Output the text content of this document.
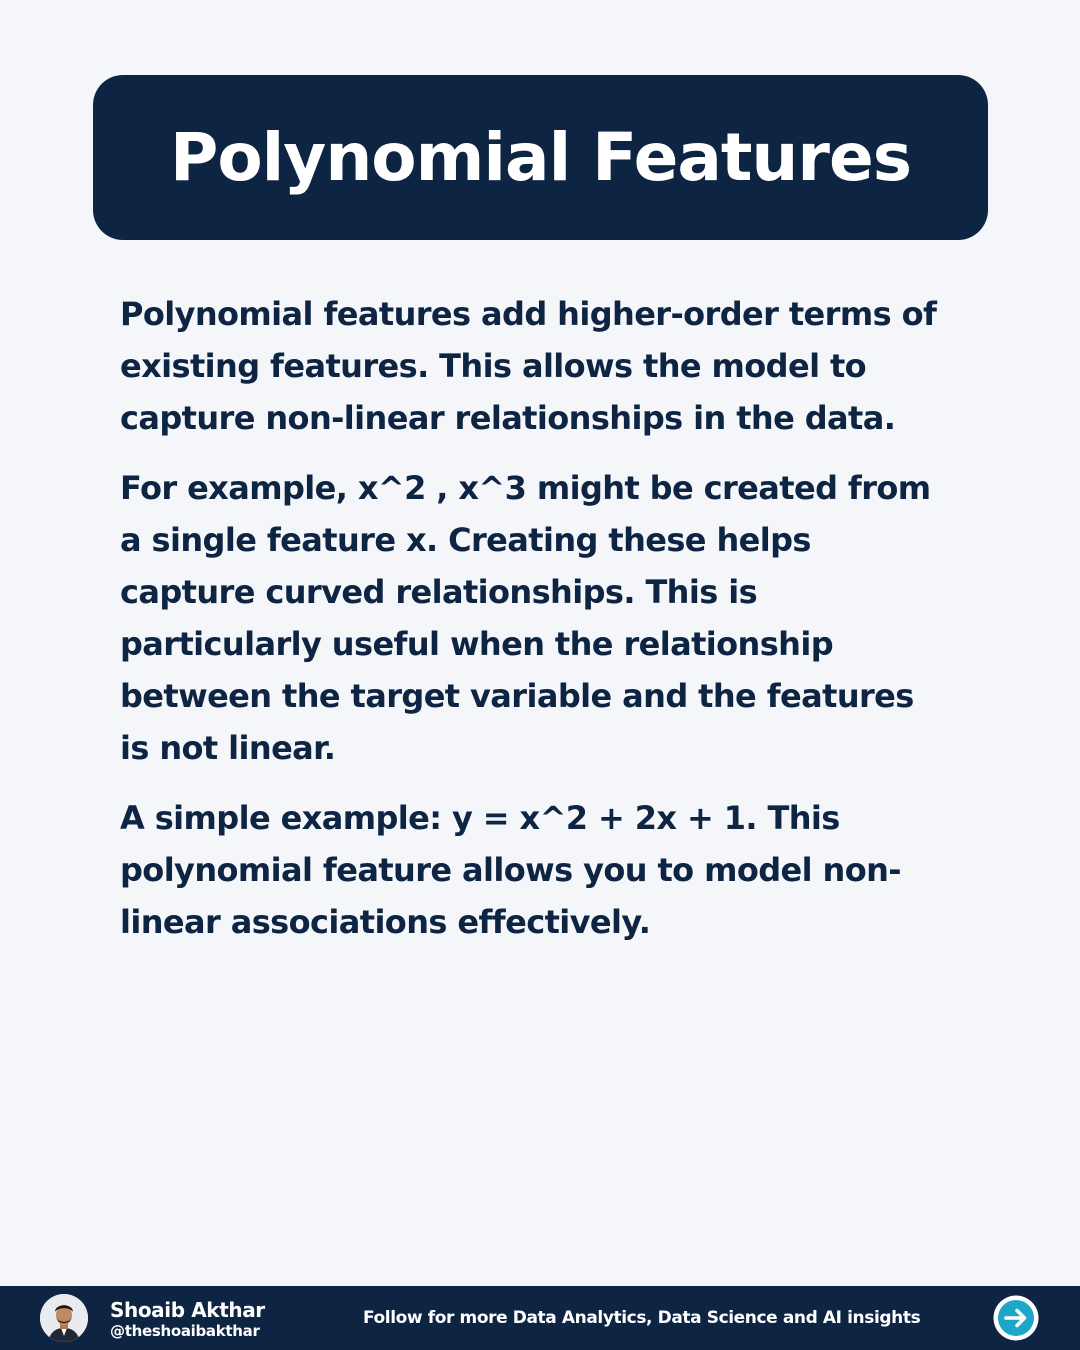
Polynomial Features

Polynomial features add higher-order terms of existing features. This allows the model to capture non-linear relationships in the data.

For example, x^2 , x^3 might be created from a single feature x. Creating these helps capture curved relationships. This is particularly useful when the relationship between the target variable and the features is not linear.

A simple example: y = x^2 + 2x + 1. This polynomial feature allows you to model non-linear associations effectively.

Shoaib Akthar
@theshoaibakthar
Follow for more Data Analytics, Data Science and AI insights
